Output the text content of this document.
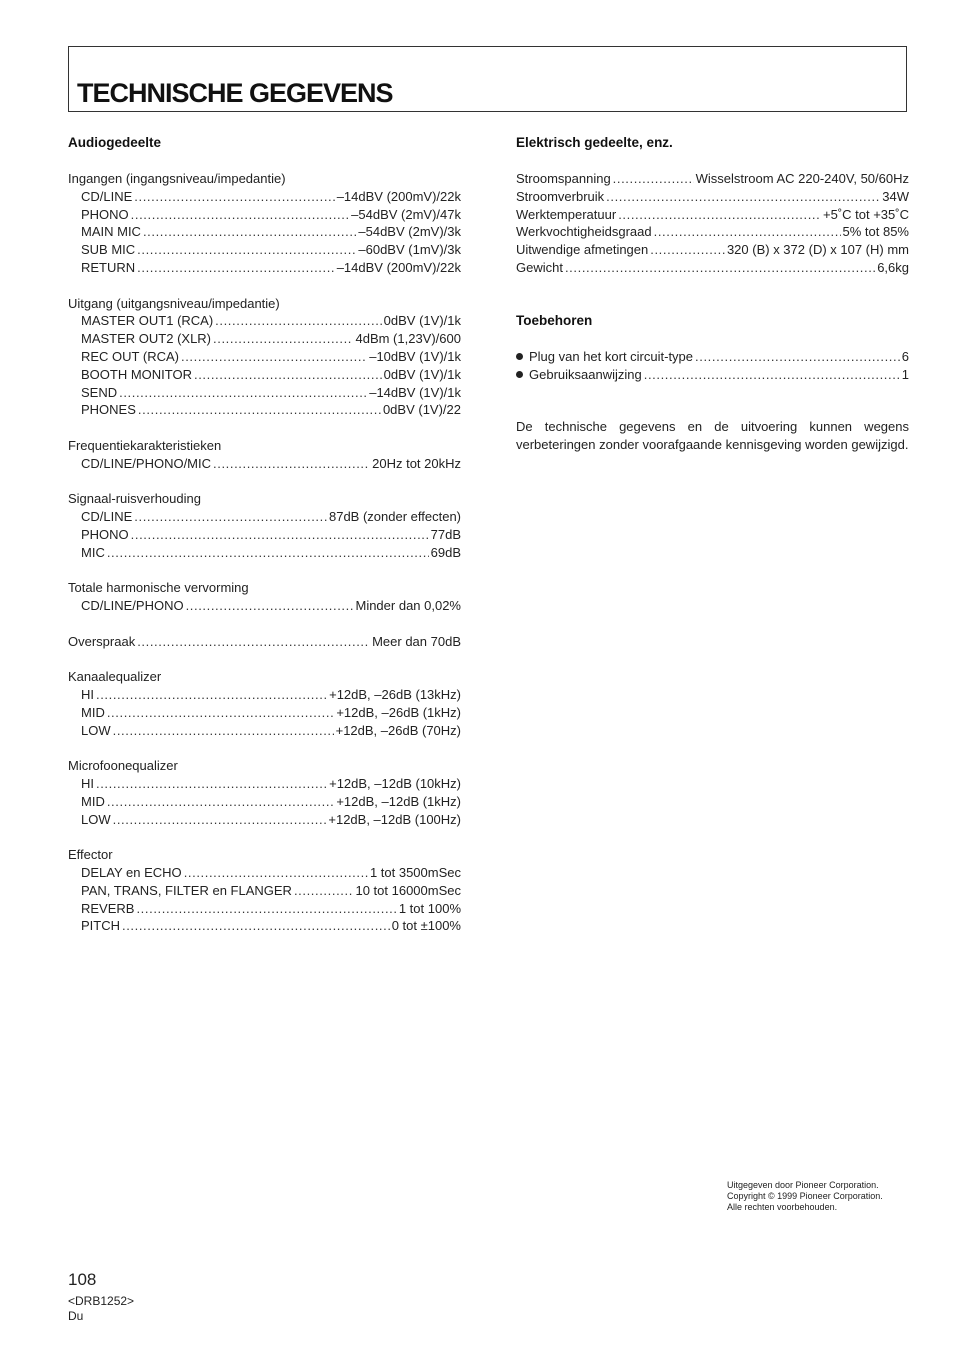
TECHNISCHE GEGEVENS
Audiogedeelte
Ingangen (ingangsniveau/impedantie)
CD/LINE .....	–14dBV (200mV)/22k
PHONO .....	–54dBV (2mV)/47k
MAIN MIC .....	–54dBV (2mV)/3k
SUB MIC .....	–60dBV (1mV)/3k
RETURN .....	–14dBV (200mV)/22k
Uitgang (uitgangsniveau/impedantie)
MASTER OUT1 (RCA) .....	0dBV (1V)/1k
MASTER OUT2 (XLR) .....	4dBm (1,23V)/600
REC OUT (RCA) .....	–10dBV (1V)/1k
BOOTH MONITOR .....	0dBV (1V)/1k
SEND .....	–14dBV (1V)/1k
PHONES .....	0dBV (1V)/22
Frequentiekarakteristieken
CD/LINE/PHONO/MIC .....	20Hz tot 20kHz
Signaal-ruisverhouding
CD/LINE .....	87dB (zonder effecten)
PHONO .....	77dB
MIC .....	69dB
Totale harmonische vervorming
CD/LINE/PHONO .....	Minder dan 0,02%
Overspraak .....	Meer dan 70dB
Kanaalequalizer
HI .....	+12dB, –26dB (13kHz)
MID .....	+12dB, –26dB (1kHz)
LOW .....	+12dB, –26dB (70Hz)
Microfoonequalizer
HI .....	+12dB, –12dB (10kHz)
MID .....	+12dB, –12dB (1kHz)
LOW .....	+12dB, –12dB (100Hz)
Effector
DELAY en ECHO .....	1 tot 3500mSec
PAN, TRANS, FILTER en FLANGER .....	10 tot 16000mSec
REVERB .....	1 tot 100%
PITCH .....	0 tot ±100%
Elektrisch gedeelte, enz.
Stroomspanning .....	Wisselstroom AC 220-240V, 50/60Hz
Stroomverbruik .....	34W
Werktemperatuur .....	+5˚C tot +35˚C
Werkvochtigheidsgraad .....	5% tot 85%
Uitwendige afmetingen .....	320 (B) x 372 (D) x 107 (H) mm
Gewicht .....	6,6kg
Toebehoren
Plug van het kort circuit-type .....	6
Gebruiksaanwijzing .....	1

De technische gegevens en de uitvoering kunnen wegens verbeteringen zonder voorafgaande kennisgeving worden gewijzigd.

Uitgegeven door Pioneer Corporation.
Copyright © 1999 Pioneer Corporation.
Alle rechten voorbehouden.
108
<DRB1252>
Du
